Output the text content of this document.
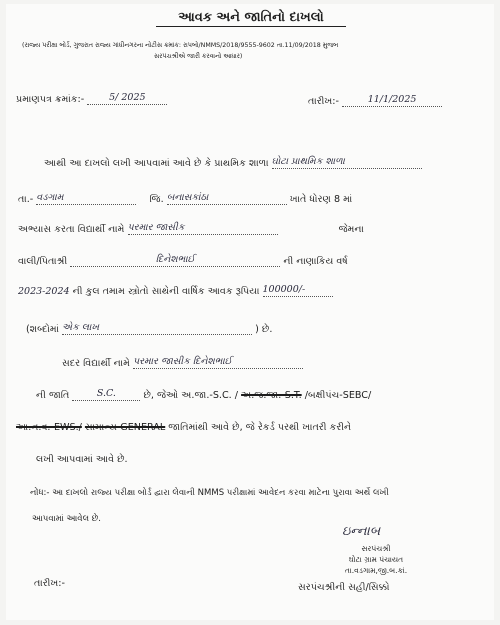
આવક અને જાતિનો દાખલો
(રાજ્ય પરીક્ષા બોર્ડ, ગુજરાત રાજ્ય ગાંધીનગરના નોટીસ ક્રમાંક: રાપબો/NMMS/2018/9555-9602 તા.11/09/2018 મુજબ
સરપંચશ્રીએ જારી કરવાનો આધાર)
પ્રમાણપત્ર ક્રમાંક:-	5/ 2025	તારીખ:-	11/1/2025
આથી આ દાખલો લખી આપવામાં આવે છે કે પ્રાથમિક શાળા ઘોટા પ્રાથમિક શાળા
તા.- વડગામ	જિ. બનાસકાંઠા	ખાતે ધોરણ 8 માં
અભ્યાસ કરતા વિદ્યાર્થી નામે પરમાર જાસીક	જેમના
વાલી/પિતાશ્રી	દિનેશભાઈ	ની નાણાકિય વર્ષ
2023-2024 ની કુલ તમામ સ્ત્રોતો સાથેની વાર્ષિક આવક રૂપિયા 100000/-
(શબ્દોમાં એક લાખ	) છે.
સદર વિદ્યાર્થી નામે પરમાર જાસીક દિનેશભાઈ
ની જાતિ	S.C.	છે, જેઓ અ.જા.-S.C. / અ.જ.જા.-S.T. /બક્ષીપંચ-SEBC/
આ.ન.વ.-EWS./ સામાન્ય-GENERAL જાતિમાંથી આવે છે, જે રેકર્ડ પરથી ખાતરી કરીને
લખી આપવામાં આવે છે.
નોંધ:- આ દાખલો રાજ્ય પરીક્ષા બોર્ડ દ્વારા લેવાની NMMS પરીક્ષામાં આવેદન કરવા માટેના પુરાવા અર્થે લખી
આપવામાં આવેલ છે.
ઇન્નાબ
સરપંચશ્રી
ઘોટા ગ્રામ પંચાયત
તા.વડગામ,જી.બ.કાં.
સરપંચશ્રીની સહી/સિક્કો
તારીખ:-
